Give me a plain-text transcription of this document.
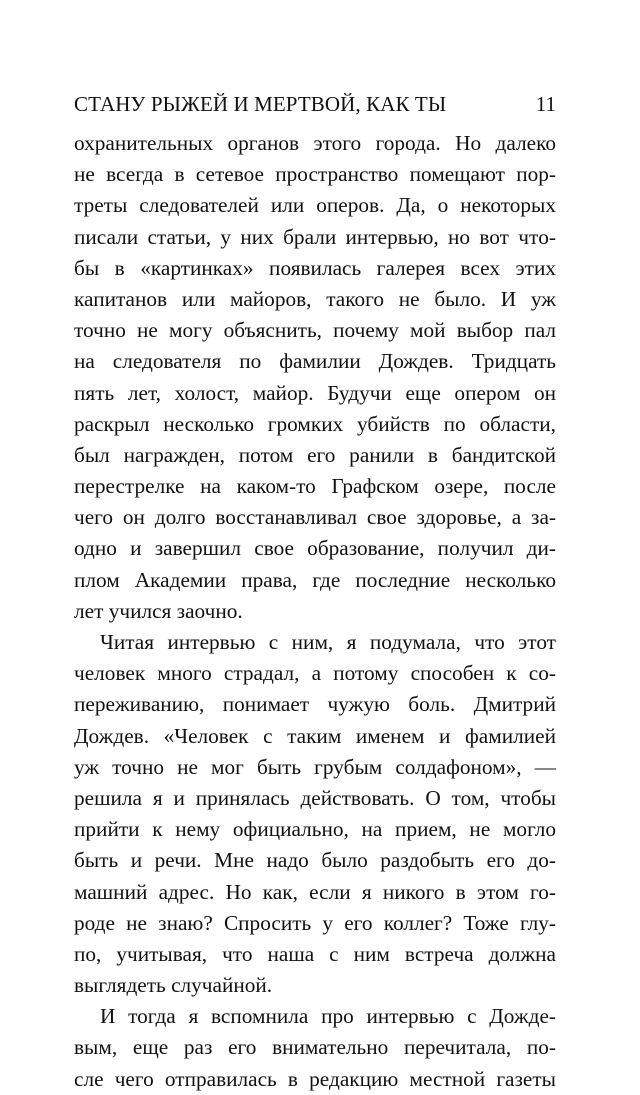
СТАНУ РЫЖЕЙ И МЕРТВОЙ, КАК ТЫ	11
охранительных органов этого города. Но далеко
не всегда в сетевое пространство помещают пор-
треты следователей или оперов. Да, о некоторых
писали статьи, у них брали интервью, но вот чтo-
бы в «картинках» появилась галерея всех этих
капитанов или майоров, такого не было. И уж
точно не могу объяснить, почему мой выбор пал
на следователя по фамилии Дождев. Тридцать
пять лет, холост, майор. Будучи еще опером он
раскрыл несколько громких убийств по области,
был награжден, потом его ранили в бандитской
перестрелке на каком-то Графском озере, после
чего он долго восстанавливал свое здоровье, а за-
одно и завершил свое образование, получил ди-
плом Академии права, где последние несколько
лет учился заочно.
Читая интервью с ним, я подумала, что этот
человек много страдал, а потому способен к со-
переживанию, понимает чужую боль. Дмитрий
Дождев. «Человек с таким именем и фамилией
уж точно не мог быть грубым солдафоном», —
решила я и принялась действовать. О том, чтобы
прийти к нему официально, на прием, не могло
быть и речи. Мне надо было раздобыть его до-
машний адрес. Но как, если я никого в этом го-
роде не знаю? Спросить у его коллег? Тоже глу-
по, учитывая, что наша с ним встреча должна
выглядеть случайной.
И тогда я вспомнила про интервью с Дожде-
вым, еще раз его внимательно перечитала, по-
сле чего отправилась в редакцию местной газеты
